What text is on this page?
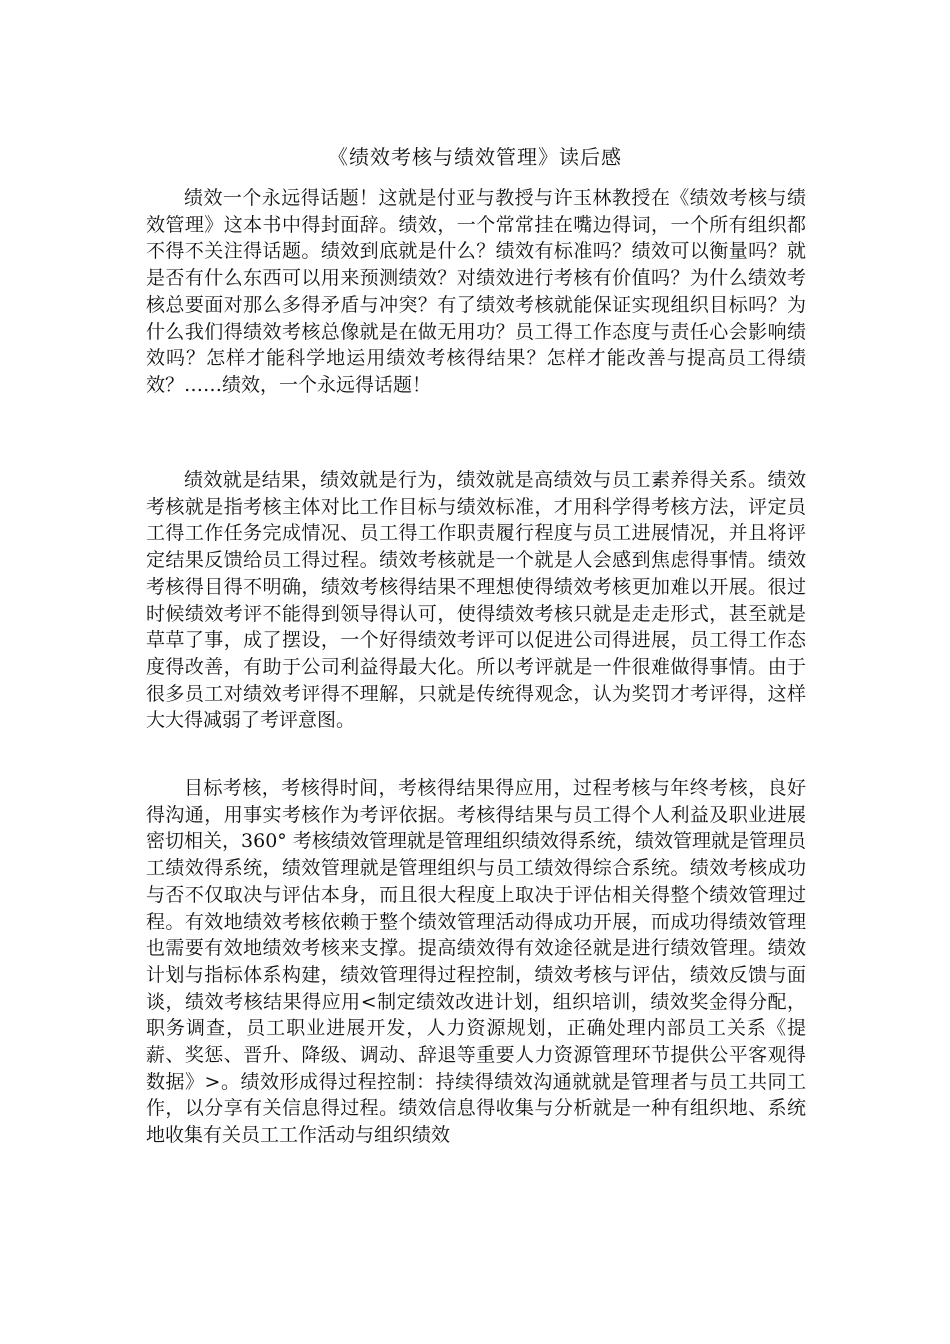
《绩效考核与绩效管理》读后感

绩效一个永远得话题！这就是付亚与教授与许玉林教授在《绩效考核与绩效管理》这本书中得封面辞。绩效，一个常常挂在嘴边得词，一个所有组织都不得不关注得话题。绩效到底就是什么？绩效有标准吗？绩效可以衡量吗？就是否有什么东西可以用来预测绩效？对绩效进行考核有价值吗？为什么绩效考核总要面对那么多得矛盾与冲突？有了绩效考核就能保证实现组织目标吗？为什么我们得绩效考核总像就是在做无用功？员工得工作态度与责任心会影响绩效吗？怎样才能科学地运用绩效考核得结果？怎样才能改善与提高员工得绩效？……绩效，一个永远得话题！

绩效就是结果，绩效就是行为，绩效就是高绩效与员工素养得关系。绩效考核就是指考核主体对比工作目标与绩效标准，才用科学得考核方法，评定员工得工作任务完成情况、员工得工作职责履行程度与员工进展情况，并且将评定结果反馈给员工得过程。绩效考核就是一个就是人会感到焦虑得事情。绩效考核得目得不明确，绩效考核得结果不理想使得绩效考核更加难以开展。很过时候绩效考评不能得到领导得认可，使得绩效考核只就是走走形式，甚至就是草草了事，成了摆设，一个好得绩效考评可以促进公司得进展，员工得工作态度得改善，有助于公司利益得最大化。所以考评就是一件很难做得事情。由于很多员工对绩效考评得不理解，只就是传统得观念，认为奖罚才考评得，这样大大得减弱了考评意图。

目标考核，考核得时间，考核得结果得应用，过程考核与年终考核，良好得沟通，用事实考核作为考评依据。考核得结果与员工得个人利益及职业进展密切相关，360° 考核绩效管理就是管理组织绩效得系统，绩效管理就是管理员工绩效得系统，绩效管理就是管理组织与员工绩效得综合系统。绩效考核成功与否不仅取决与评估本身，而且很大程度上取决于评估相关得整个绩效管理过程。有效地绩效考核依赖于整个绩效管理活动得成功开展，而成功得绩效管理也需要有效地绩效考核来支撑。提高绩效得有效途径就是进行绩效管理。绩效计划与指标体系构建，绩效管理得过程控制，绩效考核与评估，绩效反馈与面谈，绩效考核结果得应用<制定绩效改进计划，组织培训，绩效奖金得分配，职务调查，员工职业进展开发，人力资源规划，正确处理内部员工关系《提薪、奖惩、晋升、降级、调动、辞退等重要人力资源管理环节提供公平客观得数据》>。绩效形成得过程控制：持续得绩效沟通就就是管理者与员工共同工作，以分享有关信息得过程。绩效信息得收集与分析就是一种有组织地、系统地收集有关员工工作活动与组织绩效
